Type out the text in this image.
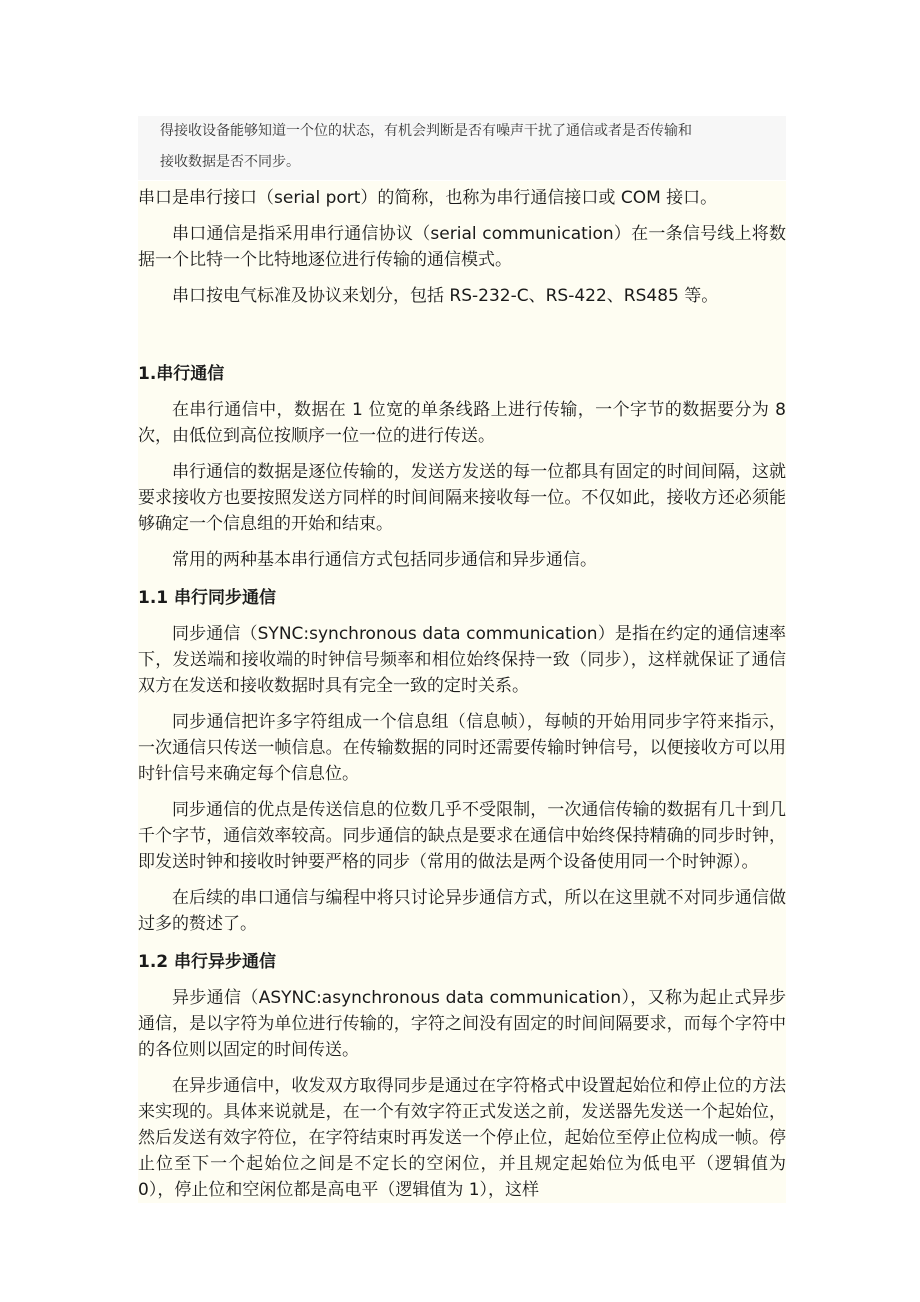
得接收设备能够知道一个位的状态，有机会判断是否有噪声干扰了通信或者是否传输和

接收数据是否不同步。

串口是串行接口（serial port）的简称，也称为串行通信接口或 COM 接口。

串口通信是指采用串行通信协议（serial communication）在一条信号线上将数据一个比特一个比特地逐位进行传输的通信模式。

串口按电气标准及协议来划分，包括 RS-232-C、RS-422、RS485 等。

1.串行通信

在串行通信中，数据在 1 位宽的单条线路上进行传输，一个字节的数据要分为 8 次，由低位到高位按顺序一位一位的进行传送。

串行通信的数据是逐位传输的，发送方发送的每一位都具有固定的时间间隔，这就要求接收方也要按照发送方同样的时间间隔来接收每一位。不仅如此，接收方还必须能够确定一个信息组的开始和结束。

常用的两种基本串行通信方式包括同步通信和异步通信。

1.1 串行同步通信

同步通信（SYNC:synchronous data communication）是指在约定的通信速率下，发送端和接收端的时钟信号频率和相位始终保持一致（同步），这样就保证了通信双方在发送和接收数据时具有完全一致的定时关系。

同步通信把许多字符组成一个信息组（信息帧），每帧的开始用同步字符来指示，一次通信只传送一帧信息。在传输数据的同时还需要传输时钟信号，以便接收方可以用时针信号来确定每个信息位。

同步通信的优点是传送信息的位数几乎不受限制，一次通信传输的数据有几十到几千个字节，通信效率较高。同步通信的缺点是要求在通信中始终保持精确的同步时钟，即发送时钟和接收时钟要严格的同步（常用的做法是两个设备使用同一个时钟源）。

在后续的串口通信与编程中将只讨论异步通信方式，所以在这里就不对同步通信做过多的赘述了。

1.2 串行异步通信

异步通信（ASYNC:asynchronous data communication），又称为起止式异步通信，是以字符为单位进行传输的，字符之间没有固定的时间间隔要求，而每个字符中的各位则以固定的时间传送。

在异步通信中，收发双方取得同步是通过在字符格式中设置起始位和停止位的方法来实现的。具体来说就是，在一个有效字符正式发送之前，发送器先发送一个起始位，然后发送有效字符位，在字符结束时再发送一个停止位，起始位至停止位构成一帧。停止位至下一个起始位之间是不定长的空闲位，并且规定起始位为低电平（逻辑值为 0），停止位和空闲位都是高电平（逻辑值为 1），这样
